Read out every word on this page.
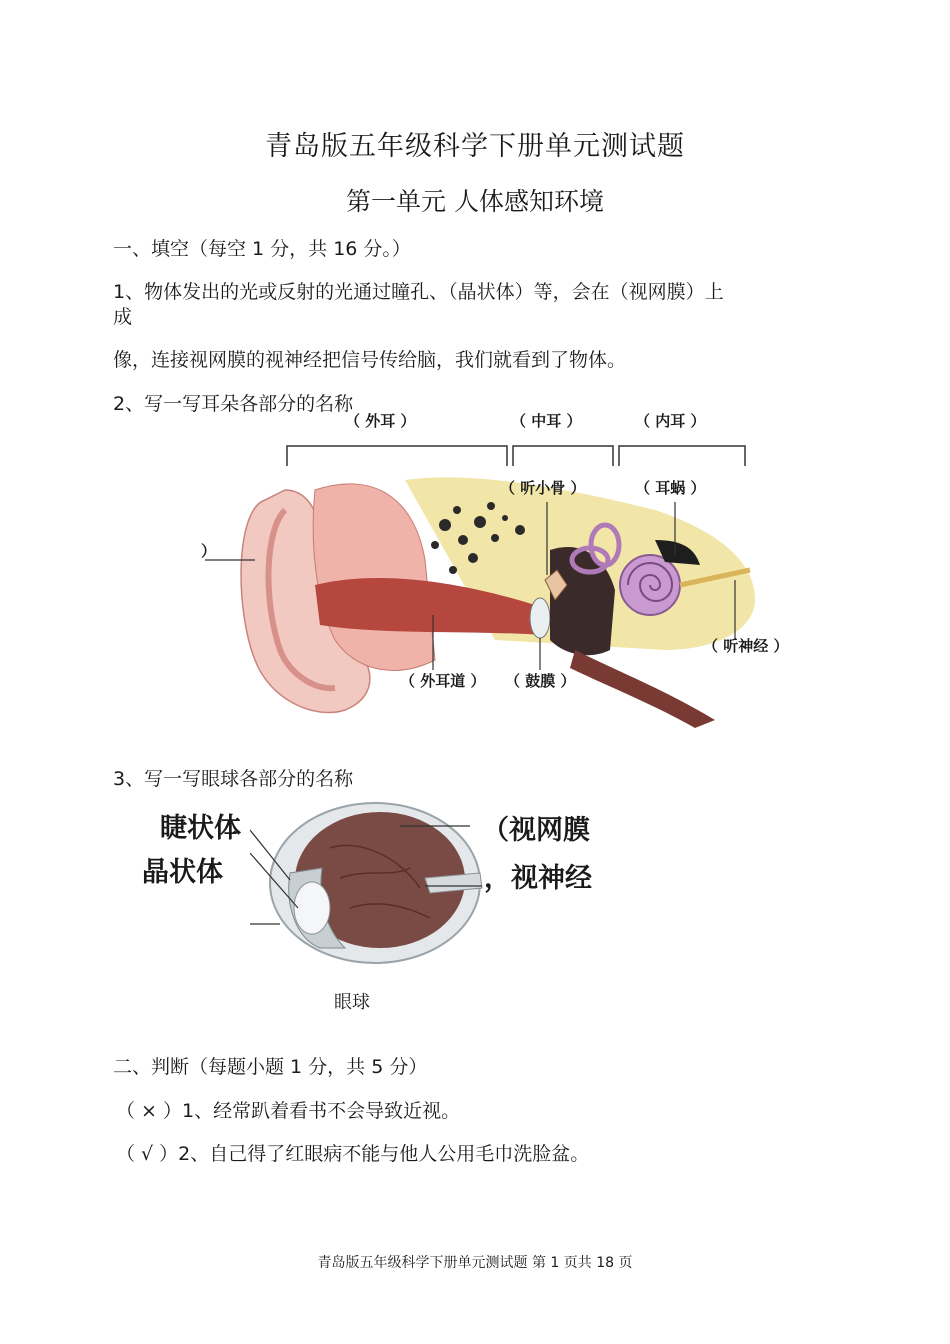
青岛版五年级科学下册单元测试题
第一单元 人体感知环境
一、填空（每空 1 分，共 16 分。）
1、物体发出的光或反射的光通过瞳孔、（晶状体）等，会在（视网膜）上
成
像，连接视网膜的视神经把信号传给脑，我们就看到了物体。
2、写一写耳朵各部分的名称
（ 外耳 ）	（ 中耳 ）	（ 内耳 ）
（ 听小骨 ）	（ 耳蜗 ）
）
（ 听神经 ）
（ 外耳道 ） （ 鼓膜 ）
3、写一写眼球各部分的名称
睫状体
晶状体
（视网膜
，视神经
眼球
二、判断（每题小题 1 分，共 5 分）
（ × ）1、经常趴着看书不会导致近视。
（ √ ）2、自己得了红眼病不能与他人公用毛巾洗脸盆。
青岛版五年级科学下册单元测试题 第 1 页共 18 页
